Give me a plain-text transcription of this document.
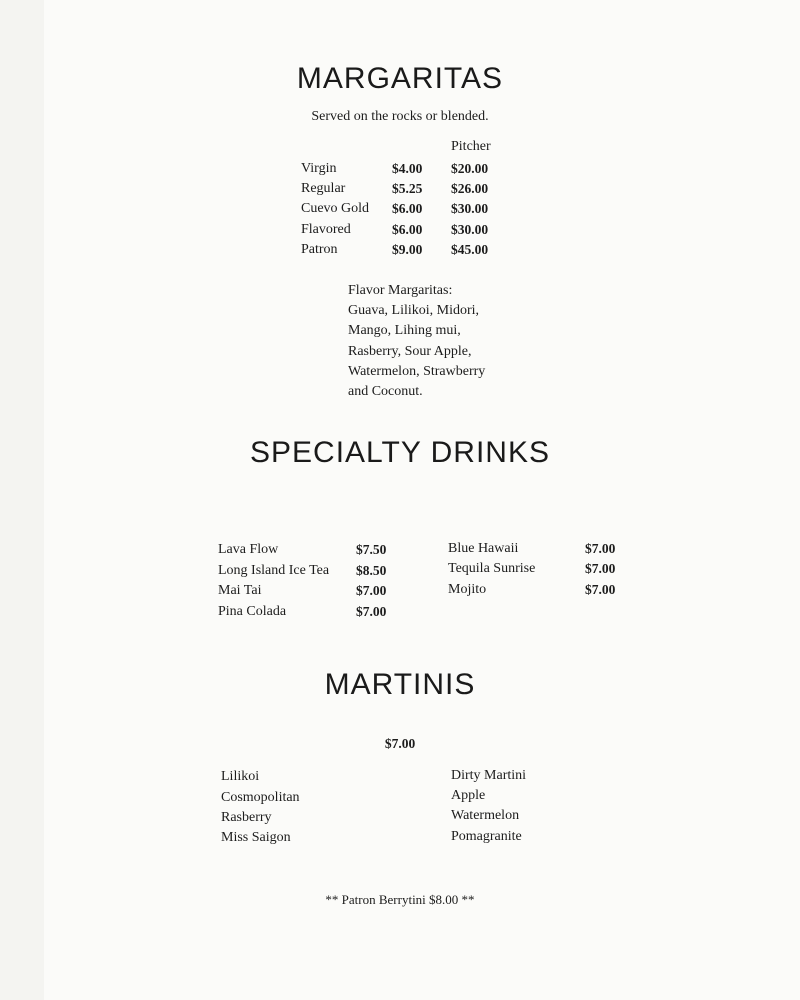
MARGARITAS
Served on the rocks or blended.
Pitcher
Virgin	$4.00 $20.00
Regular	$5.25 $26.00
Cuevo Gold $6.00 $30.00
Flavored	$6.00 $30.00
Patron	$9.00 $45.00
Flavor Margaritas:
Guava, Lilikoi, Midori,
Mango, Lihing mui,
Rasberry, Sour Apple,
Watermelon, Strawberry
and Coconut.
SPECIALTY DRINKS
Lava Flow	$7.50
Long Island Ice Tea $8.50
Mai Tai	$7.00
Pina Colada	$7.00
Blue Hawaii	$7.00
Tequila Sunrise	$7.00
Mojito	$7.00
MARTINIS
$7.00
Lilikoi
Cosmopolitan
Rasberry
Miss Saigon
Dirty Martini
Apple
Watermelon
Pomagranite
** Patron Berrytini $8.00 **
